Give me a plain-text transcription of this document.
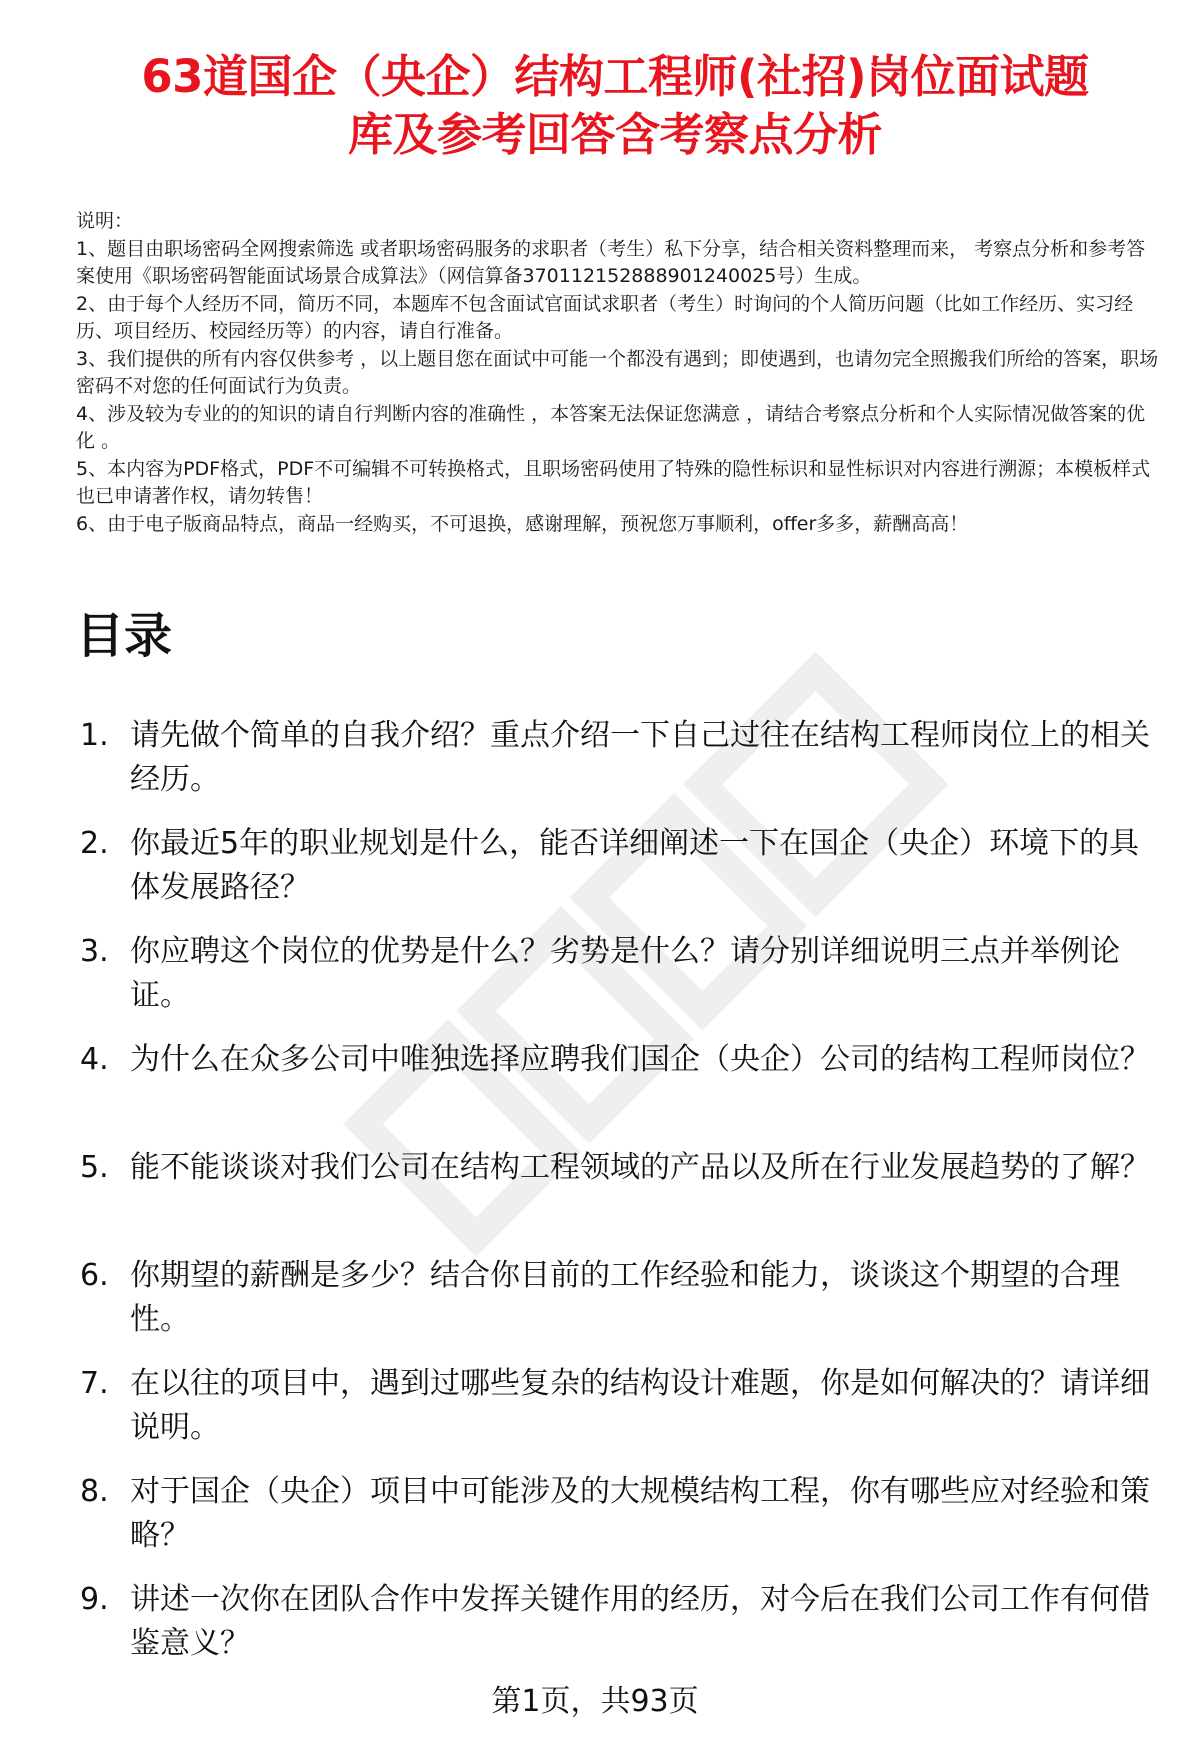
63道国企（央企）结构工程师(社招)岗位面试题
库及参考回答含考察点分析

说明：

1、题目由职场密码全网搜索筛选 或者职场密码服务的求职者（考生）私下分享，结合相关资料整理而来， 考察点分析和参考答案使用《职场密码智能面试场景合成算法》（网信算备370112152888901240025号）生成。

2、由于每个人经历不同，简历不同，本题库不包含面试官面试求职者（考生）时询问的个人简历问题（比如工作经历、实习经历、项目经历、校园经历等）的内容，请自行准备。

3、我们提供的所有内容仅供参考 ，以上题目您在面试中可能一个都没有遇到；即使遇到，也请勿完全照搬我们所给的答案，职场密码不对您的任何面试行为负责。

4、涉及较为专业的的知识的请自行判断内容的准确性 ，本答案无法保证您满意 ，请结合考察点分析和个人实际情况做答案的优化 。

5、本内容为PDF格式，PDF不可编辑不可转换格式，且职场密码使用了特殊的隐性标识和显性标识对内容进行溯源；本模板样式也已申请著作权，请勿转售！

6、由于电子版商品特点，商品一经购买，不可退换，感谢理解，预祝您万事顺利，offer多多，薪酬高高！

目录
1. 请先做个简单的自我介绍？重点介绍一下自己过往在结构工程师岗位上的相关经历。
2. 你最近5年的职业规划是什么，能否详细阐述一下在国企（央企）环境下的具体发展路径？
3. 你应聘这个岗位的优势是什么？劣势是什么？请分别详细说明三点并举例论证。
4. 为什么在众多公司中唯独选择应聘我们国企（央企）公司的结构工程师岗位？
5. 能不能谈谈对我们公司在结构工程领域的产品以及所在行业发展趋势的了解？
6. 你期望的薪酬是多少？结合你目前的工作经验和能力，谈谈这个期望的合理性。
7. 在以往的项目中，遇到过哪些复杂的结构设计难题，你是如何解决的？请详细说明。
8. 对于国企（央企）项目中可能涉及的大规模结构工程，你有哪些应对经验和策略？
9. 讲述一次你在团队合作中发挥关键作用的经历，对今后在我们公司工作有何借鉴意义？
第1页，共93页
